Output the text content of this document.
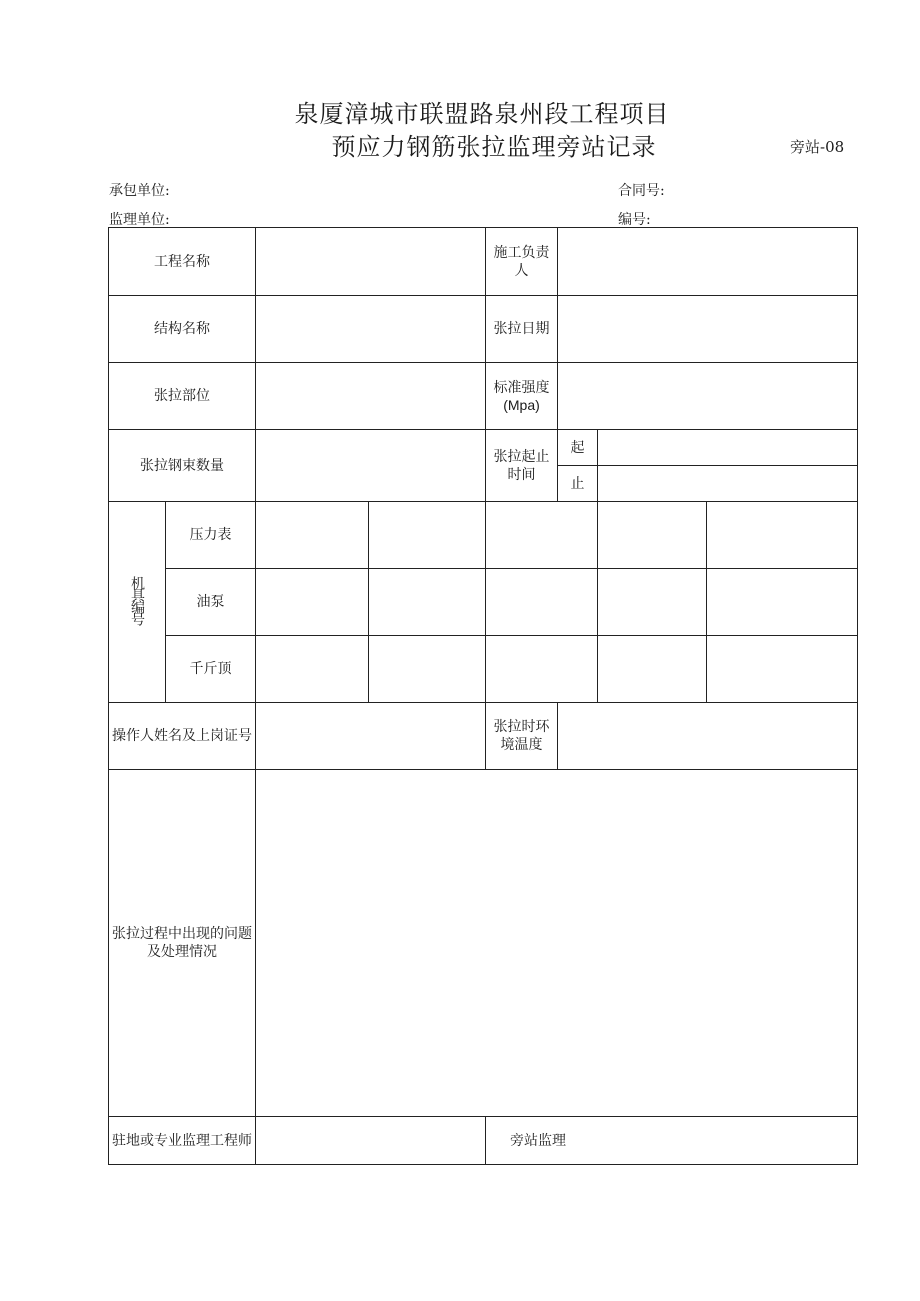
泉厦漳城市联盟路泉州段工程项目
预应力钢筋张拉监理旁站记录	旁站-08
承包单位:	合同号:
监理单位:	编号:
工程名称				施工负责人			
结构名称				张拉日期			
张拉部位				标准强度(Mpa)			
张拉钢束数量				张拉起止时间	起		
					止		
机具编号	压力表						
	油泵						
	千斤顶						
操作人姓名及上岗证号				张拉时环境温度			
张拉过程中出现的问题及处理情况							
驻地或专业监理工程师				旁站监理			
